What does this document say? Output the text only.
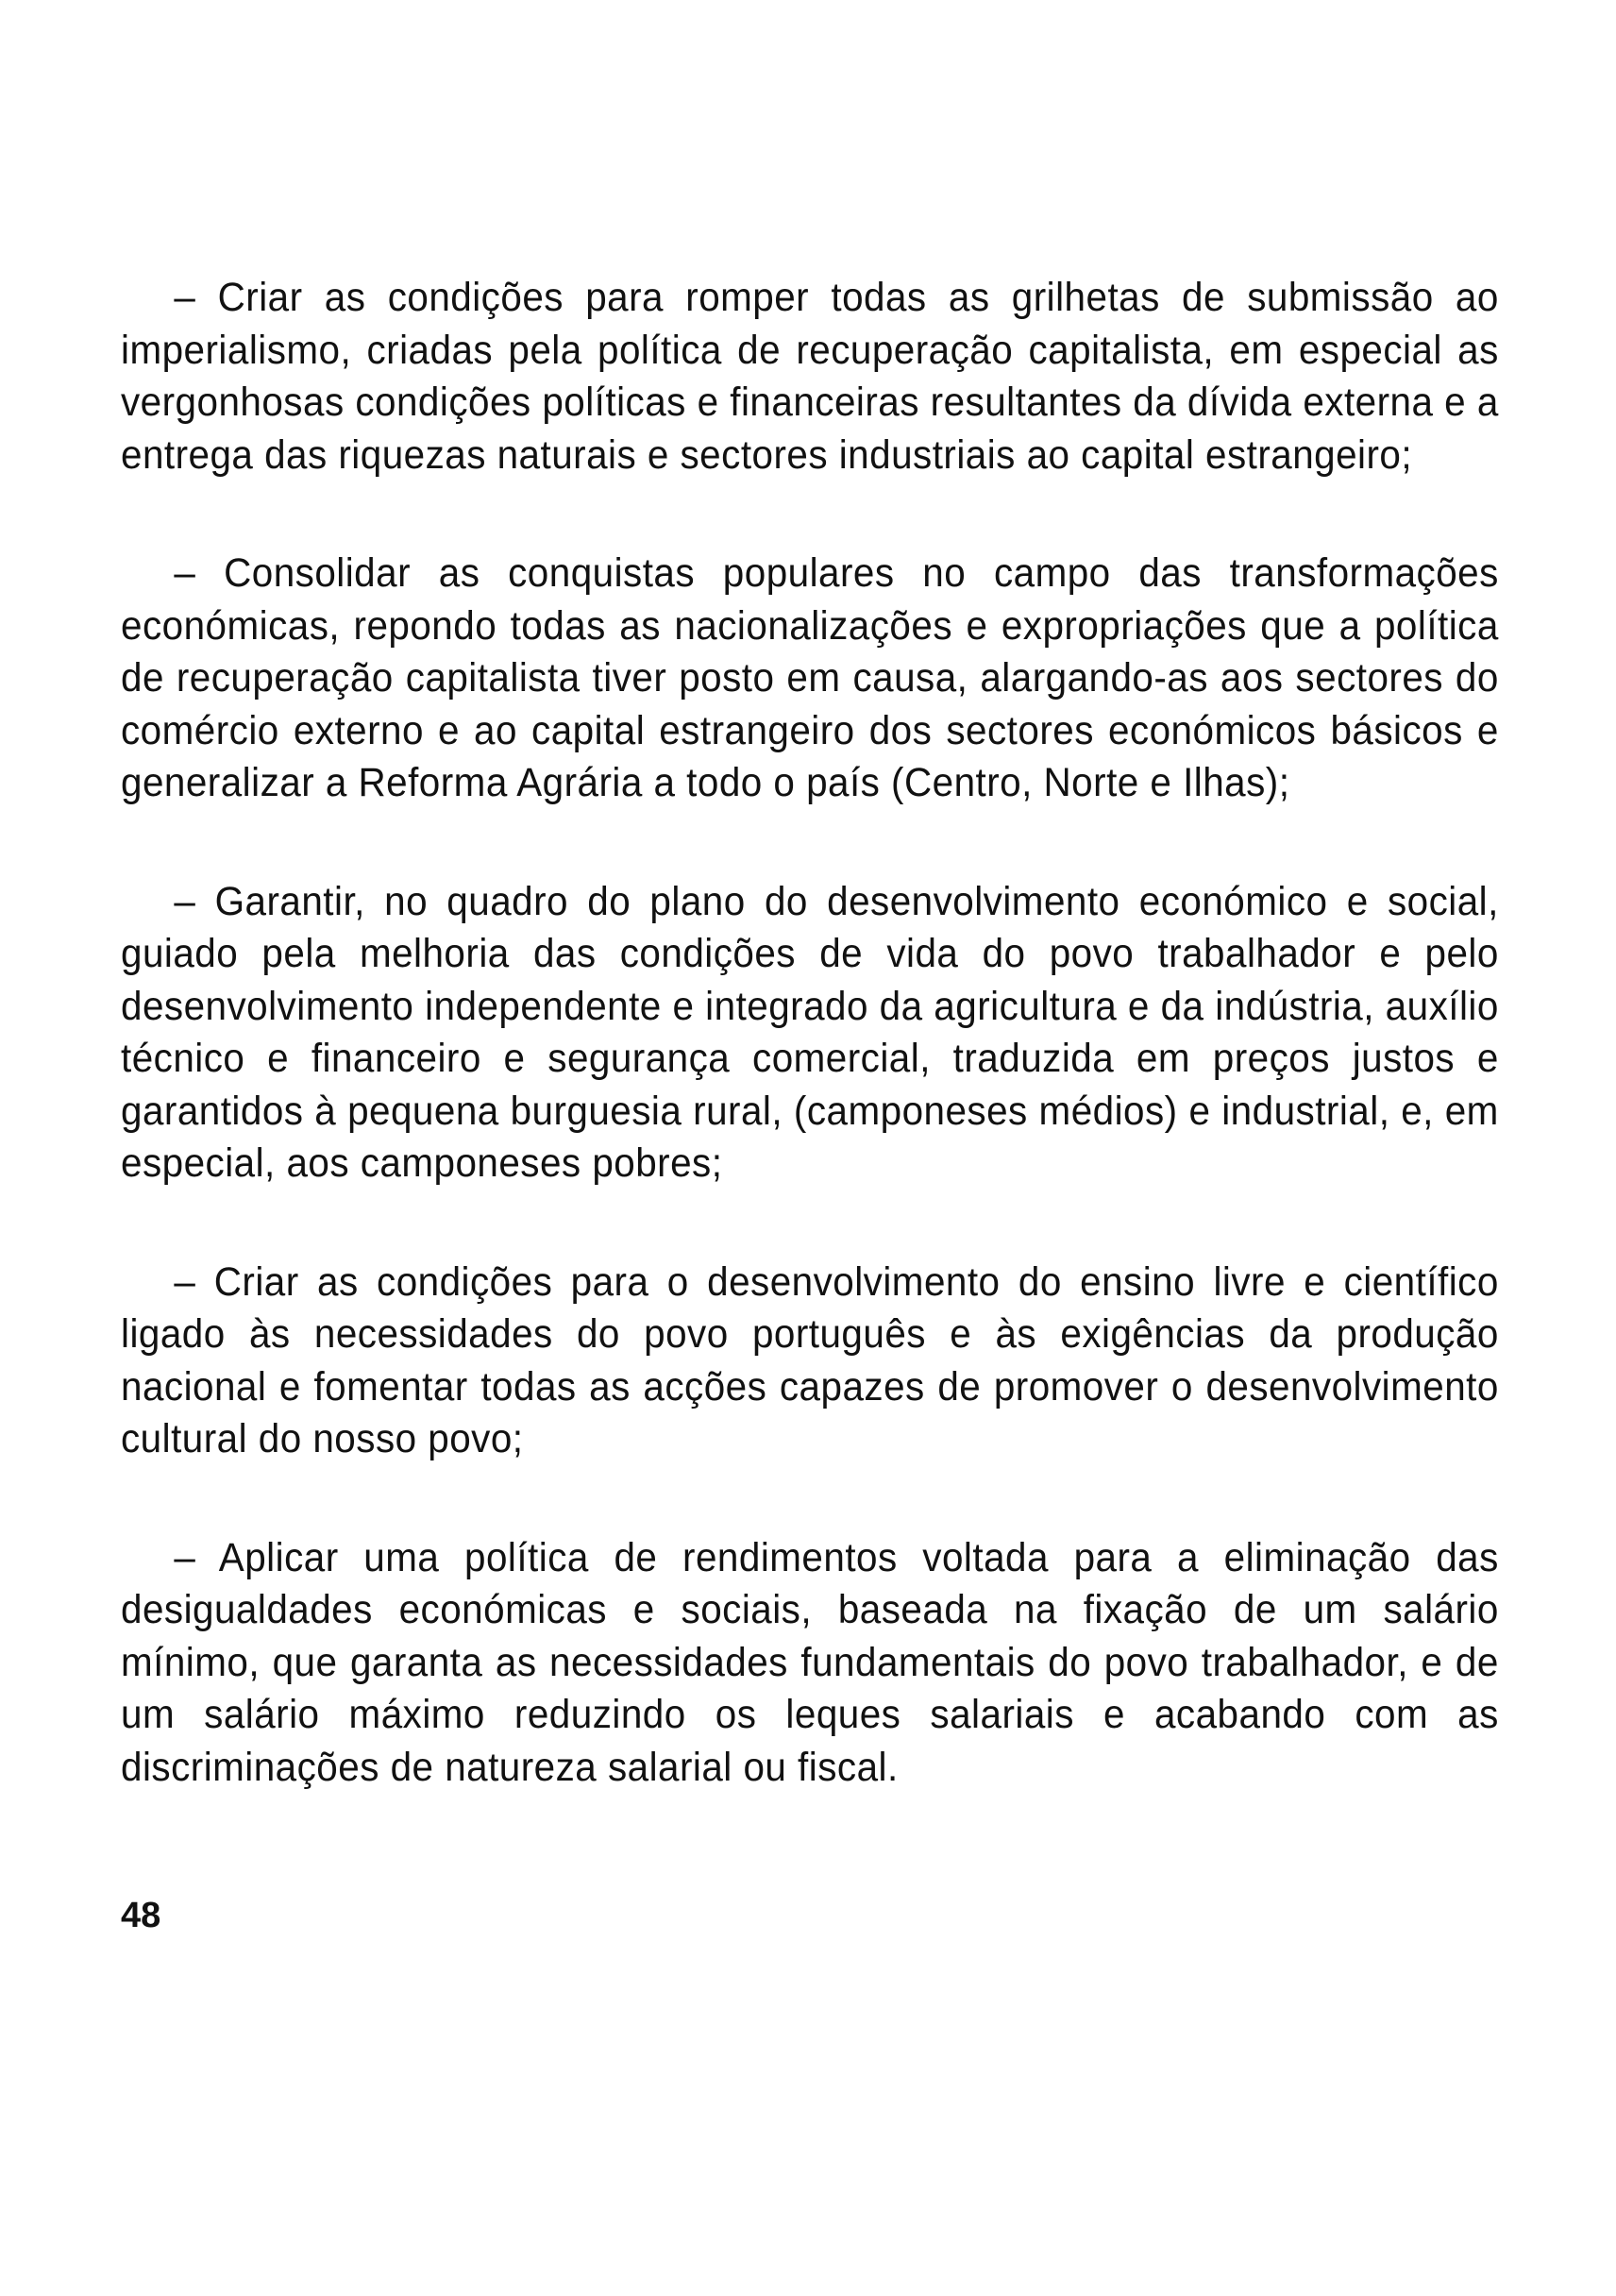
– Criar as condições para romper todas as grilhetas de submissão ao imperialismo, criadas pela política de recuperação capitalista, em especial as vergonhosas condições políticas e financeiras resultantes da dívida externa e a entrega das riquezas naturais e sectores industriais ao capital estrangeiro;

– Consolidar as conquistas populares no campo das transformações económicas, repondo todas as nacionalizações e expropriações que a política de recuperação capitalista tiver posto em causa, alargando-as aos sectores do comércio externo e ao capital estrangeiro dos sectores económicos básicos e generalizar a Reforma Agrária a todo o país (Centro, Norte e Ilhas);

– Garantir, no quadro do plano do desenvolvimento económico e social, guiado pela melhoria das condições de vida do povo trabalhador e pelo desenvolvimento independente e integrado da agricultura e da indústria, auxílio técnico e financeiro e segurança comercial, traduzida em preços justos e garantidos à pequena burguesia rural, (camponeses médios) e industrial, e, em especial, aos camponeses pobres;

– Criar as condições para o desenvolvimento do ensino livre e científico ligado às necessidades do povo português e às exigências da produção nacional e fomentar todas as acções capazes de promover o desenvolvimento cultural do nosso povo;

– Aplicar uma política de rendimentos voltada para a eliminação das desigualdades económicas e sociais, baseada na fixação de um salário mínimo, que garanta as necessidades fundamentais do povo trabalhador, e de um salário máximo reduzindo os leques salariais e acabando com as discriminações de natureza salarial ou fiscal.

48
